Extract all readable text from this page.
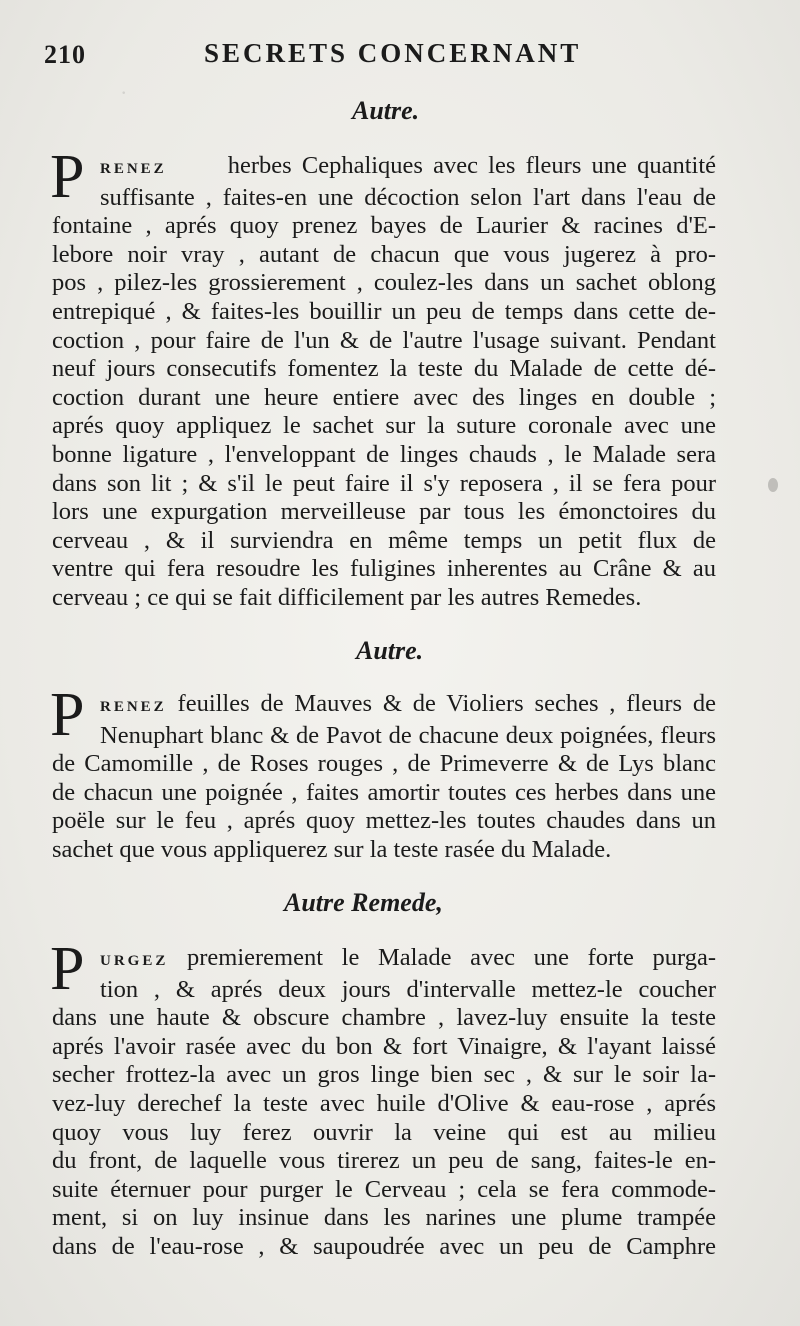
·
210	SECRETS CONCERNANT
Autre.
P	RENEZ herbes Cephaliques avec les fleurs une quantité
suffisante , faites-en une décoction selon l'art dans l'eau de
fontaine , aprés quoy prenez bayes de Laurier & racines d'E-
lebore noir vray , autant de chacun que vous jugerez à pro-
pos , pilez-les grossierement , coulez-les dans un sachet oblong
entrepiqué , & faites-les bouillir un peu de temps dans cette de-
coction , pour faire de l'un & de l'autre l'usage suivant. Pendant
neuf jours consecutifs fomentez la teste du Malade de cette dé-
coction durant une heure entiere avec des linges en double ;
aprés quoy appliquez le sachet sur la suture coronale avec une
bonne ligature , l'enveloppant de linges chauds , le Malade sera
dans son lit ; & s'il le peut faire il s'y reposera , il se fera pour
lors une expurgation merveilleuse par tous les émonctoires du
cerveau , & il surviendra en même temps un petit flux de
ventre qui fera resoudre les fuligines inherentes au Crâne & au
cerveau ; ce qui se fait difficilement par les autres Remedes.
Autre.
P	RENEZ feuilles de Mauves & de Violiers seches , fleurs de
Nenuphart blanc & de Pavot de chacune deux poignées, fleurs
de Camomille , de Roses rouges , de Primeverre & de Lys blanc
de chacun une poignée , faites amortir toutes ces herbes dans une
poële sur le feu , aprés quoy mettez-les toutes chaudes dans un
sachet que vous appliquerez sur la teste rasée du Malade.
Autre Remede,
P	URGEZ premierement le Malade avec une forte purga-
tion , & aprés deux jours d'intervalle mettez-le coucher
dans une haute & obscure chambre , lavez-luy ensuite la teste
aprés l'avoir rasée avec du bon & fort Vinaigre, & l'ayant laissé
secher frottez-la avec un gros linge bien sec , & sur le soir la-
vez-luy derechef la teste avec huile d'Olive & eau-rose , aprés
quoy vous luy ferez ouvrir la veine qui est au milieu
du front, de laquelle vous tirerez un peu de sang, faites-le en-
suite éternuer pour purger le Cerveau ; cela se fera commode-
ment, si on luy insinue dans les narines une plume trampée
dans de l'eau-rose , & saupoudrée avec un peu de Camphre
